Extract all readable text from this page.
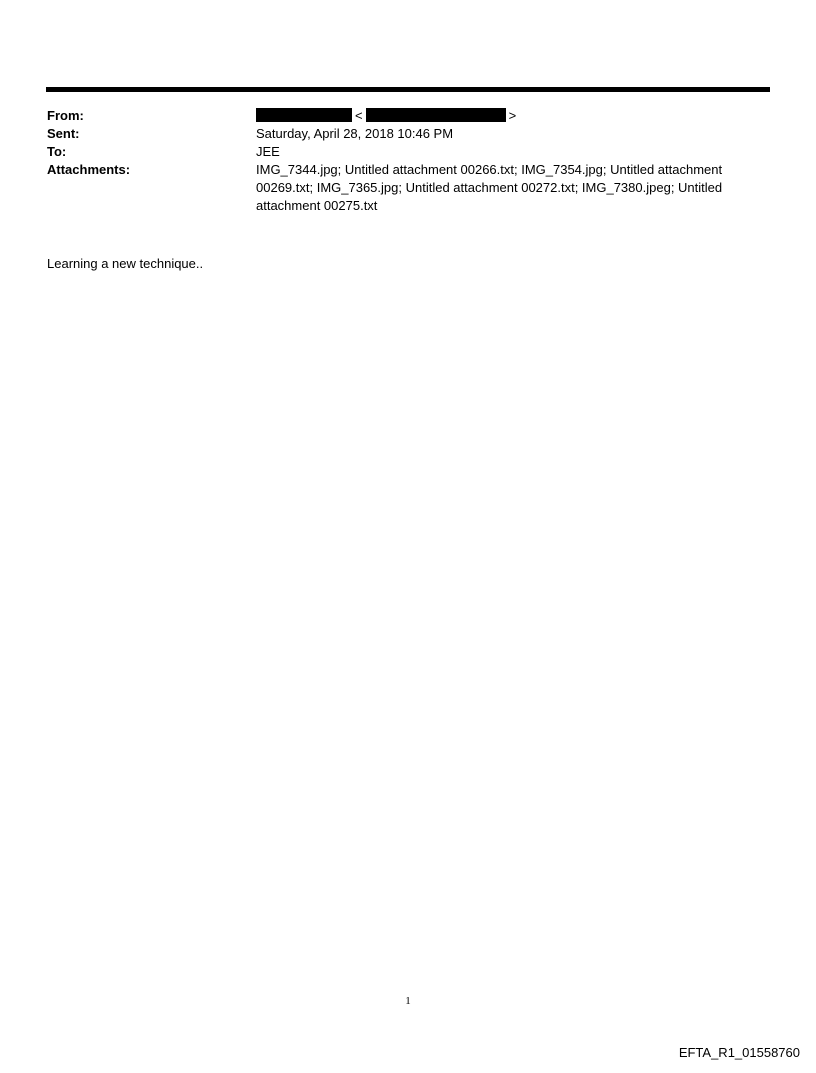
From:	<	>
Sent:	Saturday, April 28, 2018 10:46 PM
To:	JEE
Attachments:	IMG_7344.jpg; Untitled attachment 00266.txt; IMG_7354.jpg; Untitled attachment 00269.txt; IMG_7365.jpg; Untitled attachment 00272.txt; IMG_7380.jpeg; Untitled attachment 00275.txt
Learning a new technique..
1
EFTA_R1_01558760
